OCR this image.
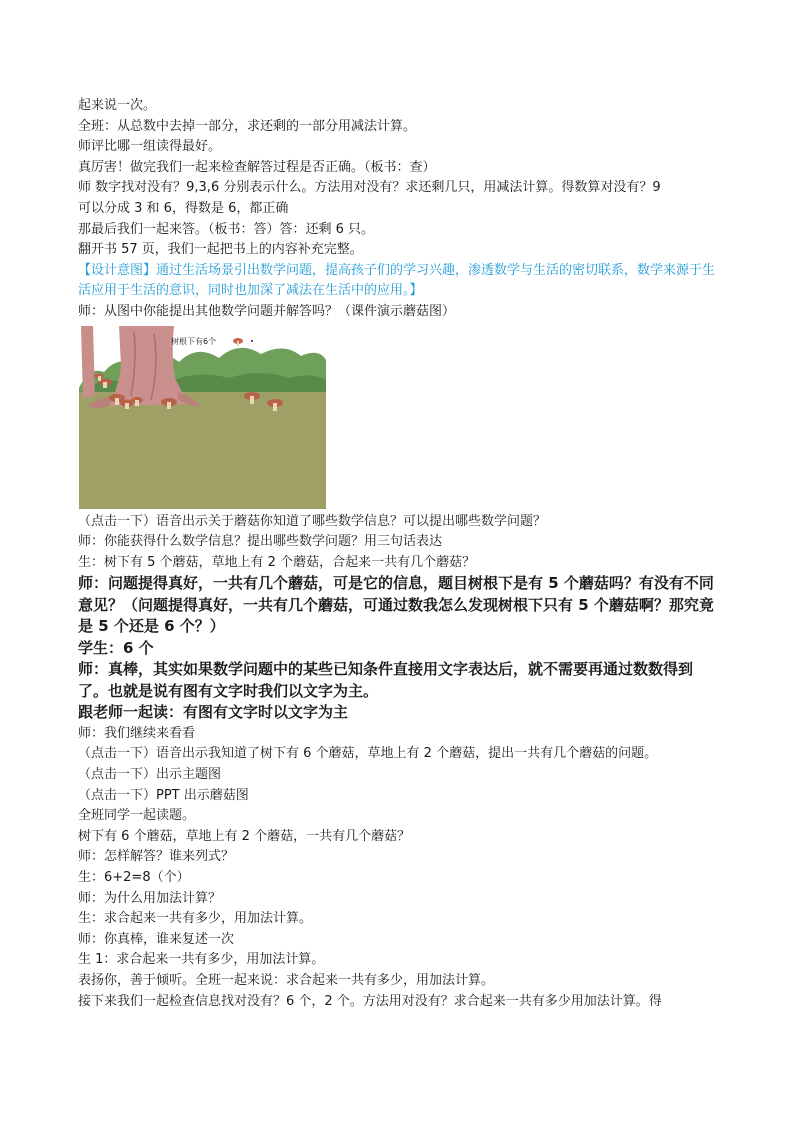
起来说一次。
全班：从总数中去掉一部分，求还剩的一部分用减法计算。
师评比哪一组读得最好。
真厉害！做完我们一起来检查解答过程是否正确。（板书：查）
师 数字找对没有？9,3,6 分别表示什么。方法用对没有？求还剩几只，用减法计算。得数算对没有？9
可以分成 3 和 6，得数是 6，都正确
那最后我们一起来答。（板书：答）答：还剩 6 只。
翻开书 57 页，我们一起把书上的内容补充完整。
【设计意图】通过生活场景引出数学问题，提高孩子们的学习兴趣，渗透数学与生活的密切联系，数学来源于生活应用于生活的意识，同时也加深了减法在生活中的应用。】
师：从图中你能提出其他数学问题并解答吗？（课件演示蘑菇图）
树根下有6个
（点击一下）语音出示关于蘑菇你知道了哪些数学信息？可以提出哪些数学问题？
师：你能获得什么数学信息？提出哪些数学问题？用三句话表达
生：树下有 5 个蘑菇，草地上有 2 个蘑菇，合起来一共有几个蘑菇？
师：问题提得真好，一共有几个蘑菇，可是它的信息，题目树根下是有 5 个蘑菇吗？有没有不同意见？（问题提得真好，一共有几个蘑菇，可通过数我怎么发现树根下只有 5 个蘑菇啊？那究竟是 5 个还是 6 个？）
学生：6 个
师：真棒，其实如果数学问题中的某些已知条件直接用文字表达后，就不需要再通过数数得到了。也就是说有图有文字时我们以文字为主。
跟老师一起读：有图有文字时以文字为主
师：我们继续来看看
（点击一下）语音出示我知道了树下有 6 个蘑菇，草地上有 2 个蘑菇，提出一共有几个蘑菇的问题。
（点击一下）出示主题图
（点击一下）PPT 出示蘑菇图
全班同学一起读题。
树下有 6 个蘑菇，草地上有 2 个蘑菇，一共有几个蘑菇？
师：怎样解答？谁来列式？
生：6+2=8（个）
师：为什么用加法计算？
生：求合起来一共有多少，用加法计算。
师：你真棒，谁来复述一次
生 1：求合起来一共有多少，用加法计算。
表扬你，善于倾听。全班一起来说：求合起来一共有多少，用加法计算。
接下来我们一起检查信息找对没有？6 个，2 个。方法用对没有？求合起来一共有多少用加法计算。得
